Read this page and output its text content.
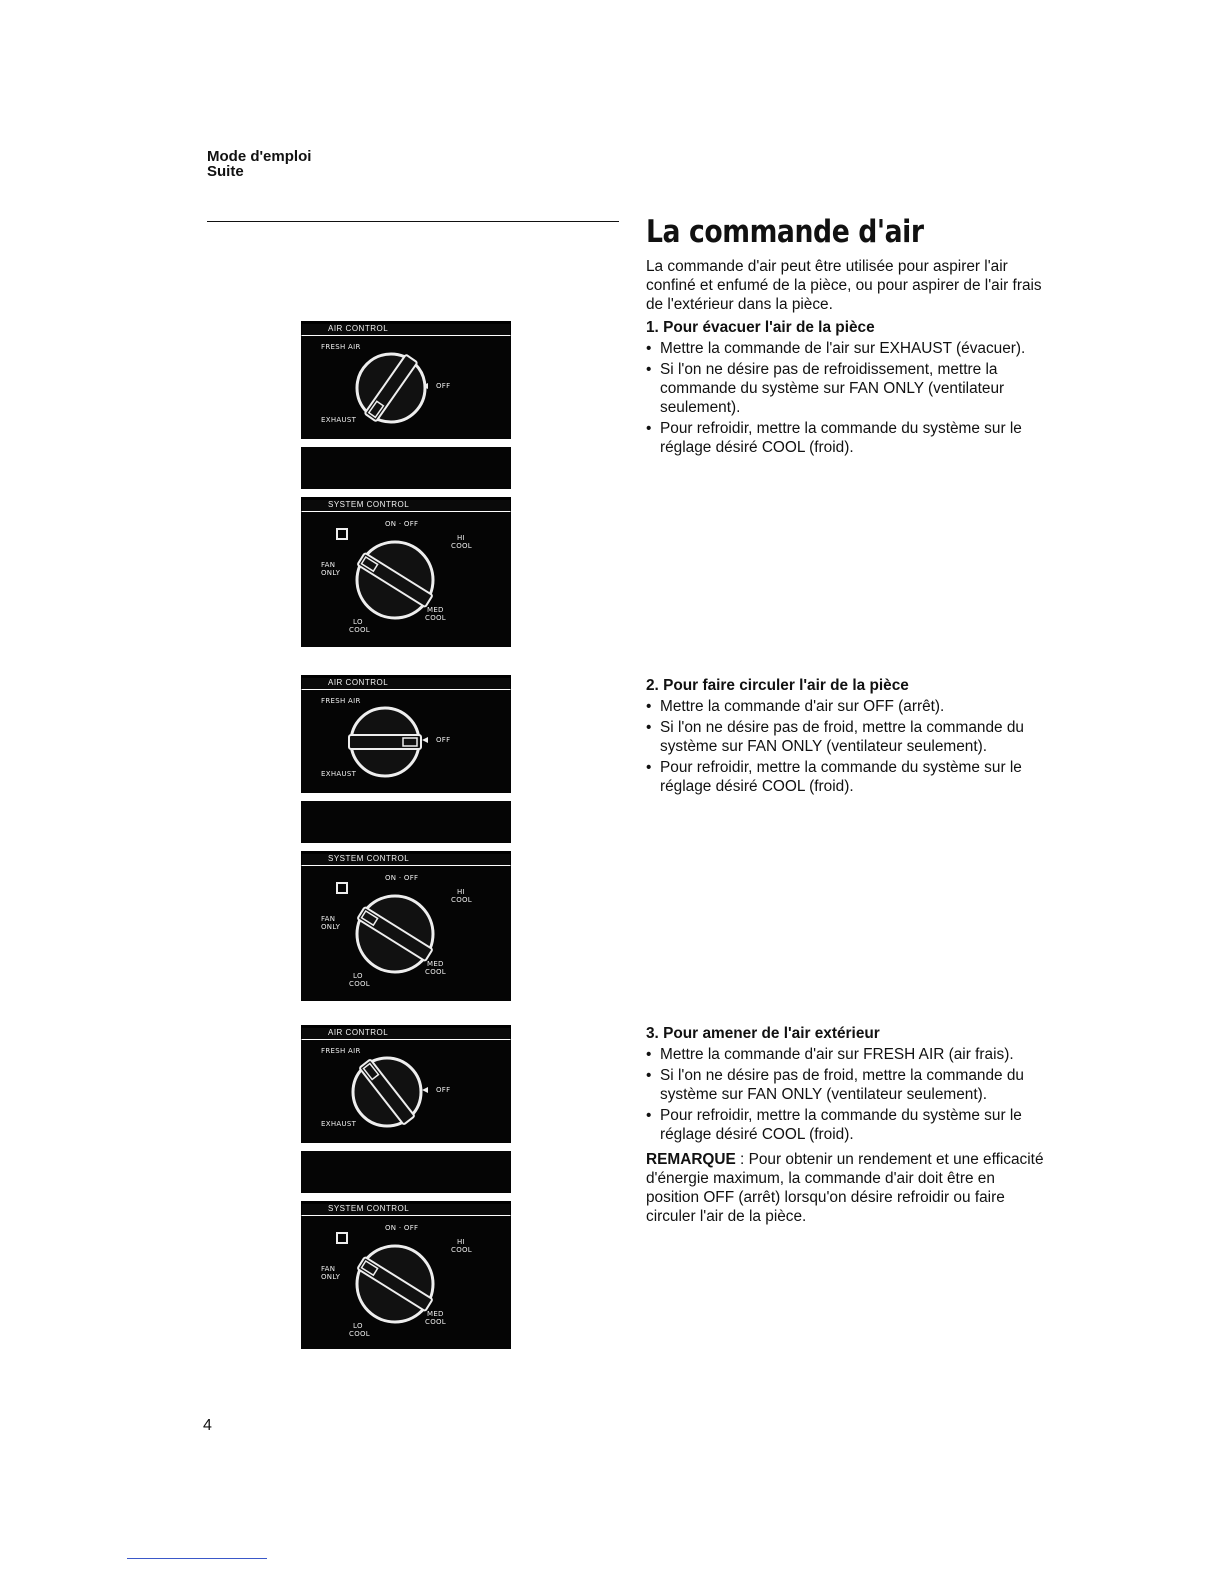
Mode d'emploi
Suite
La commande d'air

La commande d'air peut être utilisée pour aspirer l'air confiné et enfumé de la pièce, ou pour aspirer de l'air frais de l'extérieur dans la pièce.

1. Pour évacuer l'air de la pièce
• Mettre la commande de l'air sur EXHAUST (évacuer).
• Si l'on ne désire pas de refroidissement, mettre la commande du système sur FAN ONLY (ventilateur seulement).
• Pour refroidir, mettre la commande du système sur le réglage désiré COOL (froid).
2. Pour faire circuler l'air de la pièce
• Mettre la commande d'air sur OFF (arrêt).
• Si l'on ne désire pas de froid, mettre la commande du système sur FAN ONLY (ventilateur seulement).
• Pour refroidir, mettre la commande du système sur le réglage désiré COOL (froid).
3. Pour amener de l'air extérieur
• Mettre la commande d'air sur FRESH AIR (air frais).
• Si l'on ne désire pas de froid, mettre la commande du système sur FAN ONLY (ventilateur seulement).
• Pour refroidir, mettre la commande du système sur le réglage désiré COOL (froid).

REMARQUE : Pour obtenir un rendement et une efficacité d'énergie maximum, la commande d'air doit être en position OFF (arrêt) lorsqu'on désire refroidir ou faire circuler l'air de la pièce.

AIR CONTROL
FRESH AIR
EXHAUST
OFF
SYSTEM CONTROL
ON · OFF
FAN
ONLY
HI
COOL
MED
COOL
LO
COOL
AIR CONTROL
FRESH AIR
EXHAUST
OFF
SYSTEM CONTROL
ON · OFF
FAN
ONLY
HI
COOL
MED
COOL
LO
COOL
AIR CONTROL
FRESH AIR
EXHAUST
OFF
SYSTEM CONTROL
ON · OFF
FAN
ONLY
HI
COOL
MED
COOL
LO
COOL
4
